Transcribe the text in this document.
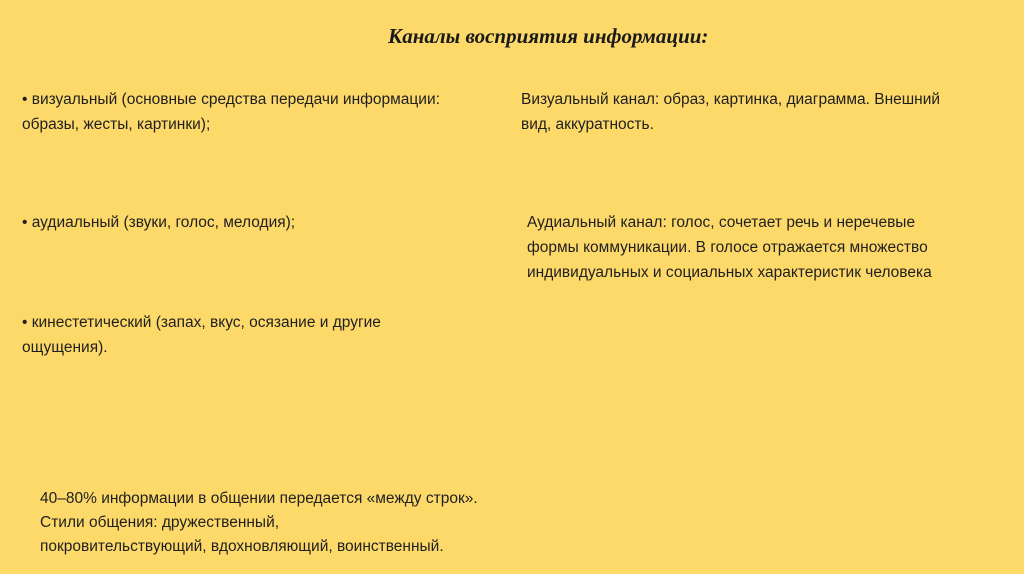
Каналы восприятия информации:
• визуальный (основные средства передачи информации:
образы, жесты, картинки);
• аудиальный (звуки, голос, мелодия);
• кинестетический (запах, вкус, осязание и другие
ощущения).
Визуальный канал: образ, картинка, диаграмма. Внешний
вид, аккуратность.
Аудиальный канал: голос, сочетает речь и неречевые
формы коммуникации. В голосе отражается множество
индивидуальных и социальных характеристик человека
40–80% информации в общении передается «между строк».
Стили общения: дружественный,
покровительствующий, вдохновляющий, воинственный.
